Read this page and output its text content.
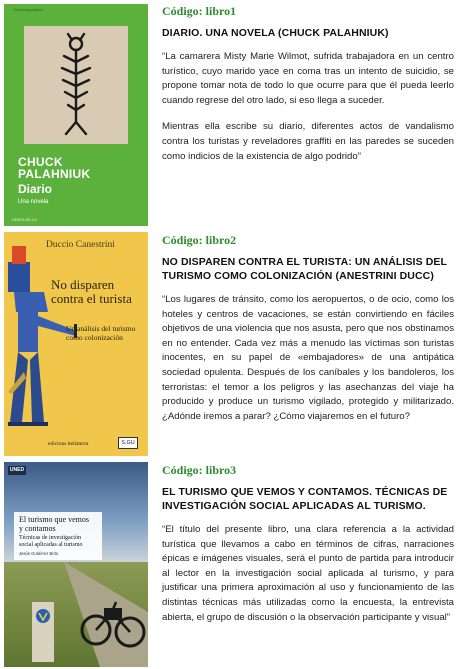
Contemporánea
CHUCK
PALAHNIUK
Diario
Una novela
DEBOLSILLO
Código: libro1
DIARIO. UNA NOVELA (CHUCK PALAHNIUK)
“La camarera Misty Marie Wilmot, sufrida trabajadora en un centro turístico, cuyo marido yace en coma tras un intento de suicidio, se propone tomar nota de todo lo que ocurre para que él pueda leerlo cuando regrese del otro lado, si eso llega a suceder.
Mientras ella escribe su diario, diferentes actos de vandalismo contra los turistas y reveladores graffiti en las paredes se suceden como indicios de la existencia de algo podrido”
Duccio Canestrini
No disparen
contra el turista
Un análisis del turismo
como colonización
edicions bellaterra	S.GU
Código: libro2
NO DISPAREN CONTRA EL TURISTA: UN ANÁLISIS DEL TURISMO COMO COLONIZACIÓN (ANESTRINI DUCC)
“Los lugares de tránsito, como los aeropuertos, o de ocio, como los hoteles y centros de vacaciones, se están convirtiendo en fáciles objetivos de una violencia que nos asusta, pero que nos obstinamos en no entender. Cada vez más a menudo las víctimas son turistas inocentes, en su papel de «embajadores» de una antipática sociedad opulenta. Después de los caníbales y los bandoleros, los terroristas: el temor a los peligros y las asechanzas del viaje ha producido y produce un turismo vigilado, protegido y militarizado. ¿Adónde iremos a parar? ¿Cómo viajaremos en el futuro?
UNED
El turismo que vemos
y contamos
Técnicas de investigación
social aplicadas al turismo
Jesús Gutiérrez Brito
Código: libro3
EL TURISMO QUE VEMOS Y CONTAMOS. TÉCNICAS DE INVESTIGACIÓN SOCIAL APLICADAS AL TURISMO.
“El título del presente libro, una clara referencia a la actividad turística que llevamos a cabo en términos de cifras, narraciones épicas e imágenes visuales, será el punto de partida para introducir al lector en la investigación social aplicada al turismo, y para justificar una primera aproximación al uso y funcionamiento de las distintas técnicas más utilizadas como la encuesta, la entrevista abierta, el grupo de discusión o la observación participante y visual”
